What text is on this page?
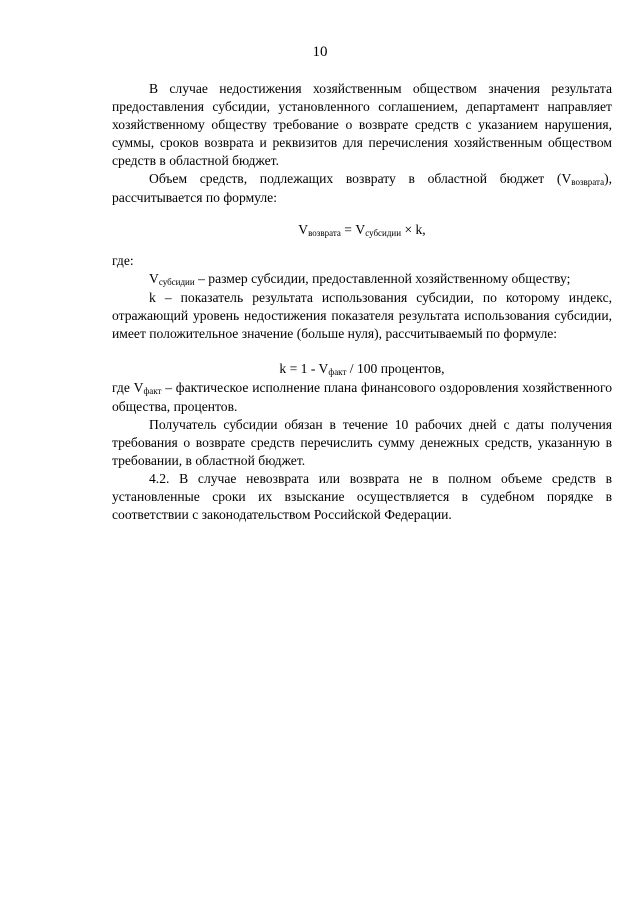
10

В случае недостижения хозяйственным обществом значения результата предоставления субсидии, установленного соглашением, департамент направляет хозяйственному обществу требование о возврате средств с указанием нарушения, суммы, сроков возврата и реквизитов для перечисления хозяйственным обществом средств в областной бюджет.

Объем средств, подлежащих возврату в областной бюджет $(V_{возврата})$, рассчитывается по формуле:

$V_{возврата} = V_{субсидии} \times k$,

где:

$V_{субсидии}$ – размер субсидии, предоставленной хозяйственному обществу;

k – показатель результата использования субсидии, по которому индекс, отражающий уровень недостижения показателя результата использования субсидии, имеет положительное значение (больше нуля), рассчитываемый по формуле:

$k = 1 - V_{факт} / 100$ процентов,

где $V_{факт}$ – фактическое исполнение плана финансового оздоровления хозяйственного общества, процентов.

Получатель субсидии обязан в течение 10 рабочих дней с даты получения требования о возврате средств перечислить сумму денежных средств, указанную в требовании, в областной бюджет.

4.2. В случае невозврата или возврата не в полном объеме средств в установленные сроки их взыскание осуществляется в судебном порядке в соответствии с законодательством Российской Федерации.
